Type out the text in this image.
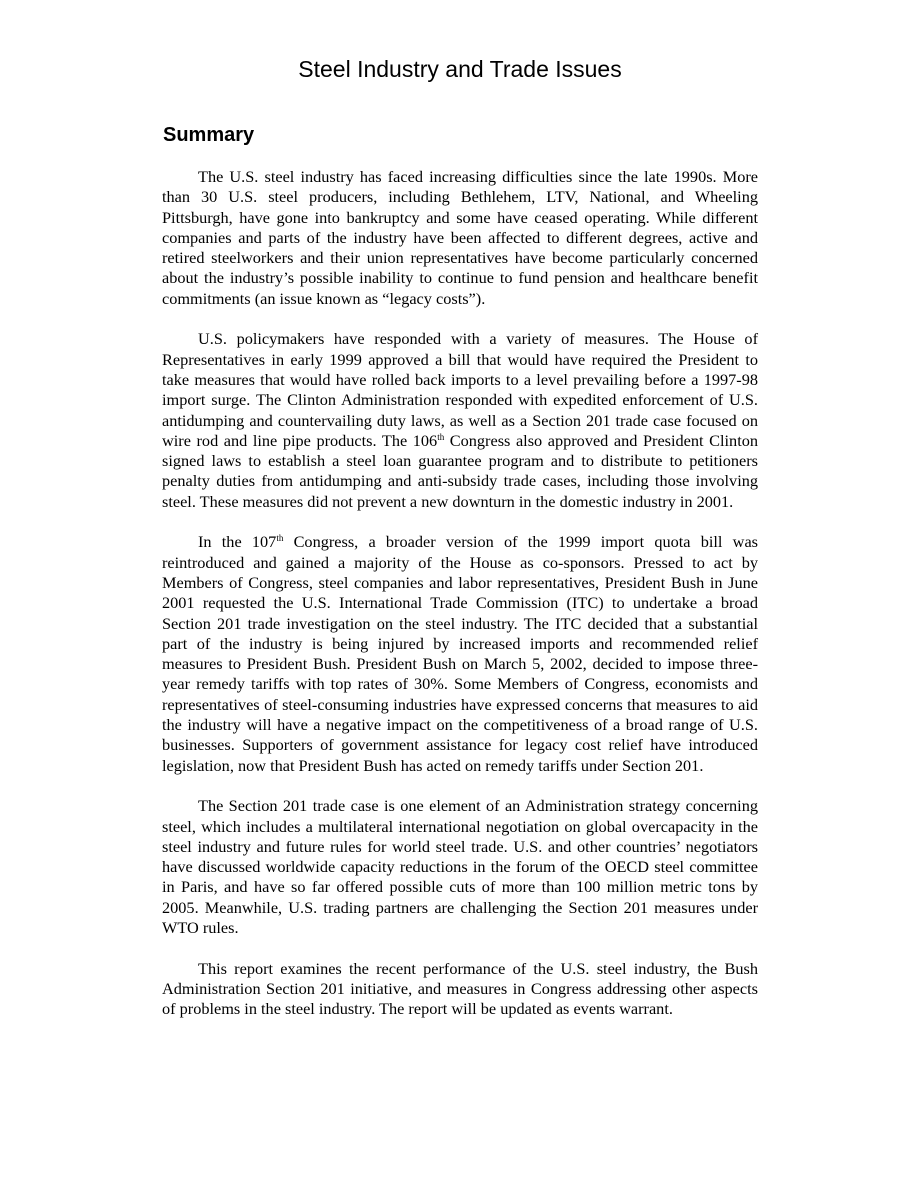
Steel Industry and Trade Issues
Summary

The U.S. steel industry has faced increasing difficulties since the late 1990s. More than 30 U.S. steel producers, including Bethlehem, LTV, National, and Wheeling Pittsburgh, have gone into bankruptcy and some have ceased operating. While different companies and parts of the industry have been affected to different degrees, active and retired steelworkers and their union representatives have become particularly concerned about the industry’s possible inability to continue to fund pension and healthcare benefit commitments (an issue known as “legacy costs”).

U.S. policymakers have responded with a variety of measures. The House of Representatives in early 1999 approved a bill that would have required the President to take measures that would have rolled back imports to a level prevailing before a 1997-98 import surge. The Clinton Administration responded with expedited enforcement of U.S. antidumping and countervailing duty laws, as well as a Section 201 trade case focused on wire rod and line pipe products. The 106th Congress also approved and President Clinton signed laws to establish a steel loan guarantee program and to distribute to petitioners penalty duties from antidumping and anti-subsidy trade cases, including those involving steel. These measures did not prevent a new downturn in the domestic industry in 2001.

In the 107th Congress, a broader version of the 1999 import quota bill was reintroduced and gained a majority of the House as co-sponsors. Pressed to act by Members of Congress, steel companies and labor representatives, President Bush in June 2001 requested the U.S. International Trade Commission (ITC) to undertake a broad Section 201 trade investigation on the steel industry. The ITC decided that a substantial part of the industry is being injured by increased imports and recommended relief measures to President Bush. President Bush on March 5, 2002, decided to impose three-year remedy tariffs with top rates of 30%. Some Members of Congress, economists and representatives of steel-consuming industries have expressed concerns that measures to aid the industry will have a negative impact on the competitiveness of a broad range of U.S. businesses. Supporters of government assistance for legacy cost relief have introduced legislation, now that President Bush has acted on remedy tariffs under Section 201.

The Section 201 trade case is one element of an Administration strategy concerning steel, which includes a multilateral international negotiation on global overcapacity in the steel industry and future rules for world steel trade. U.S. and other countries’ negotiators have discussed worldwide capacity reductions in the forum of the OECD steel committee in Paris, and have so far offered possible cuts of more than 100 million metric tons by 2005. Meanwhile, U.S. trading partners are challenging the Section 201 measures under WTO rules.

This report examines the recent performance of the U.S. steel industry, the Bush Administration Section 201 initiative, and measures in Congress addressing other aspects of problems in the steel industry. The report will be updated as events warrant.
